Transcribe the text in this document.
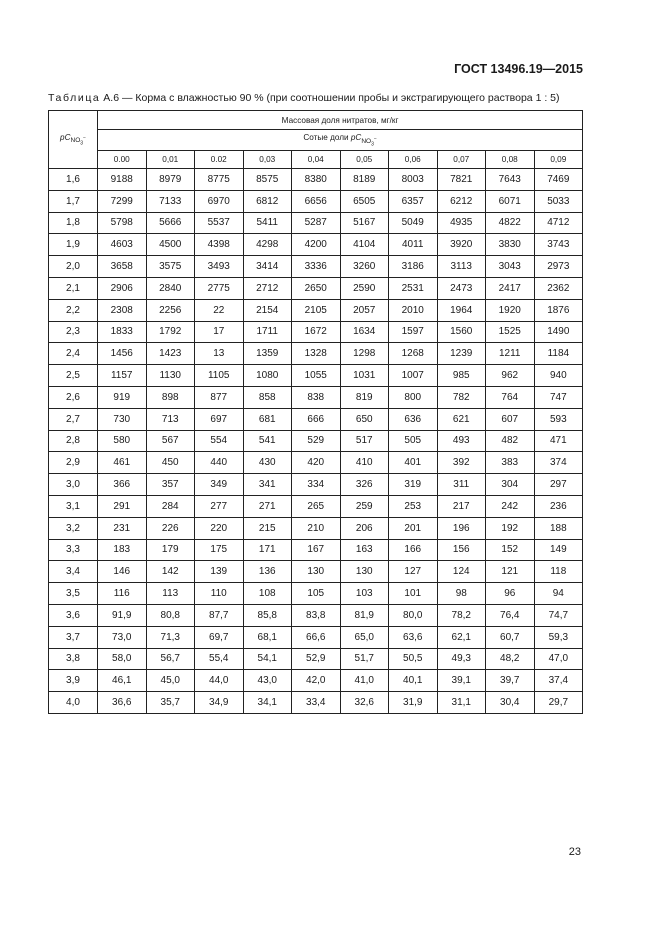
ГОСТ 13496.19—2015
Таблица А.6 — Корма с влажностью 90 % (при соотношении пробы и экстрагирующего раствора 1 : 5)
$pC_{NO_3^-}$	Массовая доля нитратов, мг/кг									
	Сотые доли $pC_{NO_3^-}$
	0.00	0,01	0.02	0,03	0,04	0,05	0,06	0,07	0,08	0,09
1,6	9188	8979	8775	8575	8380	8189	8003	7821	7643	7469
1,7	7299	7133	6970	6812	6656	6505	6357	6212	6071	5033
1,8	5798	5666	5537	5411	5287	5167	5049	4935	4822	4712
1,9	4603	4500	4398	4298	4200	4104	4011	3920	3830	3743
2,0	3658	3575	3493	3414	3336	3260	3186	3113	3043	2973
2,1	2906	2840	2775	2712	2650	2590	2531	2473	2417	2362
2,2	2308	2256	22	2154	2105	2057	2010	1964	1920	1876
2,3	1833	1792	17	1711	1672	1634	1597	1560	1525	1490
2,4	1456	1423	13	1359	1328	1298	1268	1239	1211	1184
2,5	1157	1130	1105	1080	1055	1031	1007	985	962	940
2,6	919	898	877	858	838	819	800	782	764	747
2,7	730	713	697	681	666	650	636	621	607	593
2,8	580	567	554	541	529	517	505	493	482	471
2,9	461	450	440	430	420	410	401	392	383	374
3,0	366	357	349	341	334	326	319	311	304	297
3,1	291	284	277	271	265	259	253	217	242	236
3,2	231	226	220	215	210	206	201	196	192	188
3,3	183	179	175	171	167	163	166	156	152	149
3,4	146	142	139	136	130	130	127	124	121	118
3,5	116	113	110	108	105	103	101	98	96	94
3,6	91,9	80,8	87,7	85,8	83,8	81,9	80,0	78,2	76,4	74,7
3,7	73,0	71,3	69,7	68,1	66,6	65,0	63,6	62,1	60,7	59,3
3,8	58,0	56,7	55,4	54,1	52,9	51,7	50,5	49,3	48,2	47,0
3,9	46,1	45,0	44,0	43,0	42,0	41,0	40,1	39,1	39,7	37,4
4,0	36,6	35,7	34,9	34,1	33,4	32,6	31,9	31,1	30,4	29,7
23
